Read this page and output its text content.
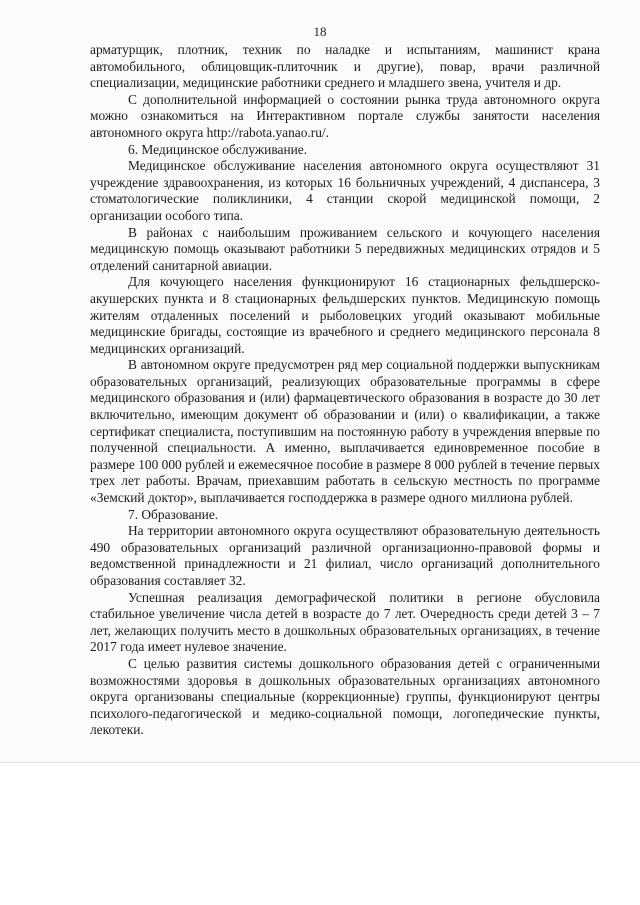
18

арматурщик, плотник, техник по наладке и испытаниям, машинист крана автомобильного, облицовщик-плиточник и другие), повар, врачи различной специализации, медицинские работники среднего и младшего звена, учителя и др.

С дополнительной информацией о состоянии рынка труда автономного округа можно ознакомиться на Интерактивном портале службы занятости населения автономного округа http://rabota.yanao.ru/.

6. Медицинское обслуживание.

Медицинское обслуживание населения автономного округа осуществляют 31 учреждение здравоохранения, из которых 16 больничных учреждений, 4 диспансера, 3 стоматологические поликлиники, 4 станции скорой медицинской помощи, 2 организации особого типа.

В районах с наибольшим проживанием сельского и кочующего населения медицинскую помощь оказывают работники 5 передвижных медицинских отрядов и 5 отделений санитарной авиации.

Для кочующего населения функционируют 16 стационарных фельдшерско-акушерских пункта и 8 стационарных фельдшерских пунктов. Медицинскую помощь жителям отдаленных поселений и рыболовецких угодий оказывают мобильные медицинские бригады, состоящие из врачебного и среднего медицинского персонала 8 медицинских организаций.

В автономном округе предусмотрен ряд мер социальной поддержки выпускникам образовательных организаций, реализующих образовательные программы в сфере медицинского образования и (или) фармацевтического образования в возрасте до 30 лет включительно, имеющим документ об образовании и (или) о квалификации, а также сертификат специалиста, поступившим на постоянную работу в учреждения впервые по полученной специальности. А именно, выплачивается единовременное пособие в размере 100 000 рублей и ежемесячное пособие в размере 8 000 рублей в течение первых трех лет работы. Врачам, приехавшим работать в сельскую местность по программе «Земский доктор», выплачивается господдержка в размере одного миллиона рублей.

7. Образование.

На территории автономного округа осуществляют образовательную деятельность 490 образовательных организаций различной организационно-правовой формы и ведомственной принадлежности и 21 филиал, число организаций дополнительного образования составляет 32.

Успешная реализация демографической политики в регионе обусловила стабильное увеличение числа детей в возрасте до 7 лет. Очередность среди детей 3 – 7 лет, желающих получить место в дошкольных образовательных организациях, в течение 2017 года имеет нулевое значение.

С целью развития системы дошкольного образования детей с ограниченными возможностями здоровья в дошкольных образовательных организациях автономного округа организованы специальные (коррекционные) группы, функционируют центры психолого-педагогической и медико-социальной помощи, логопедические пункты, лекотеки.
